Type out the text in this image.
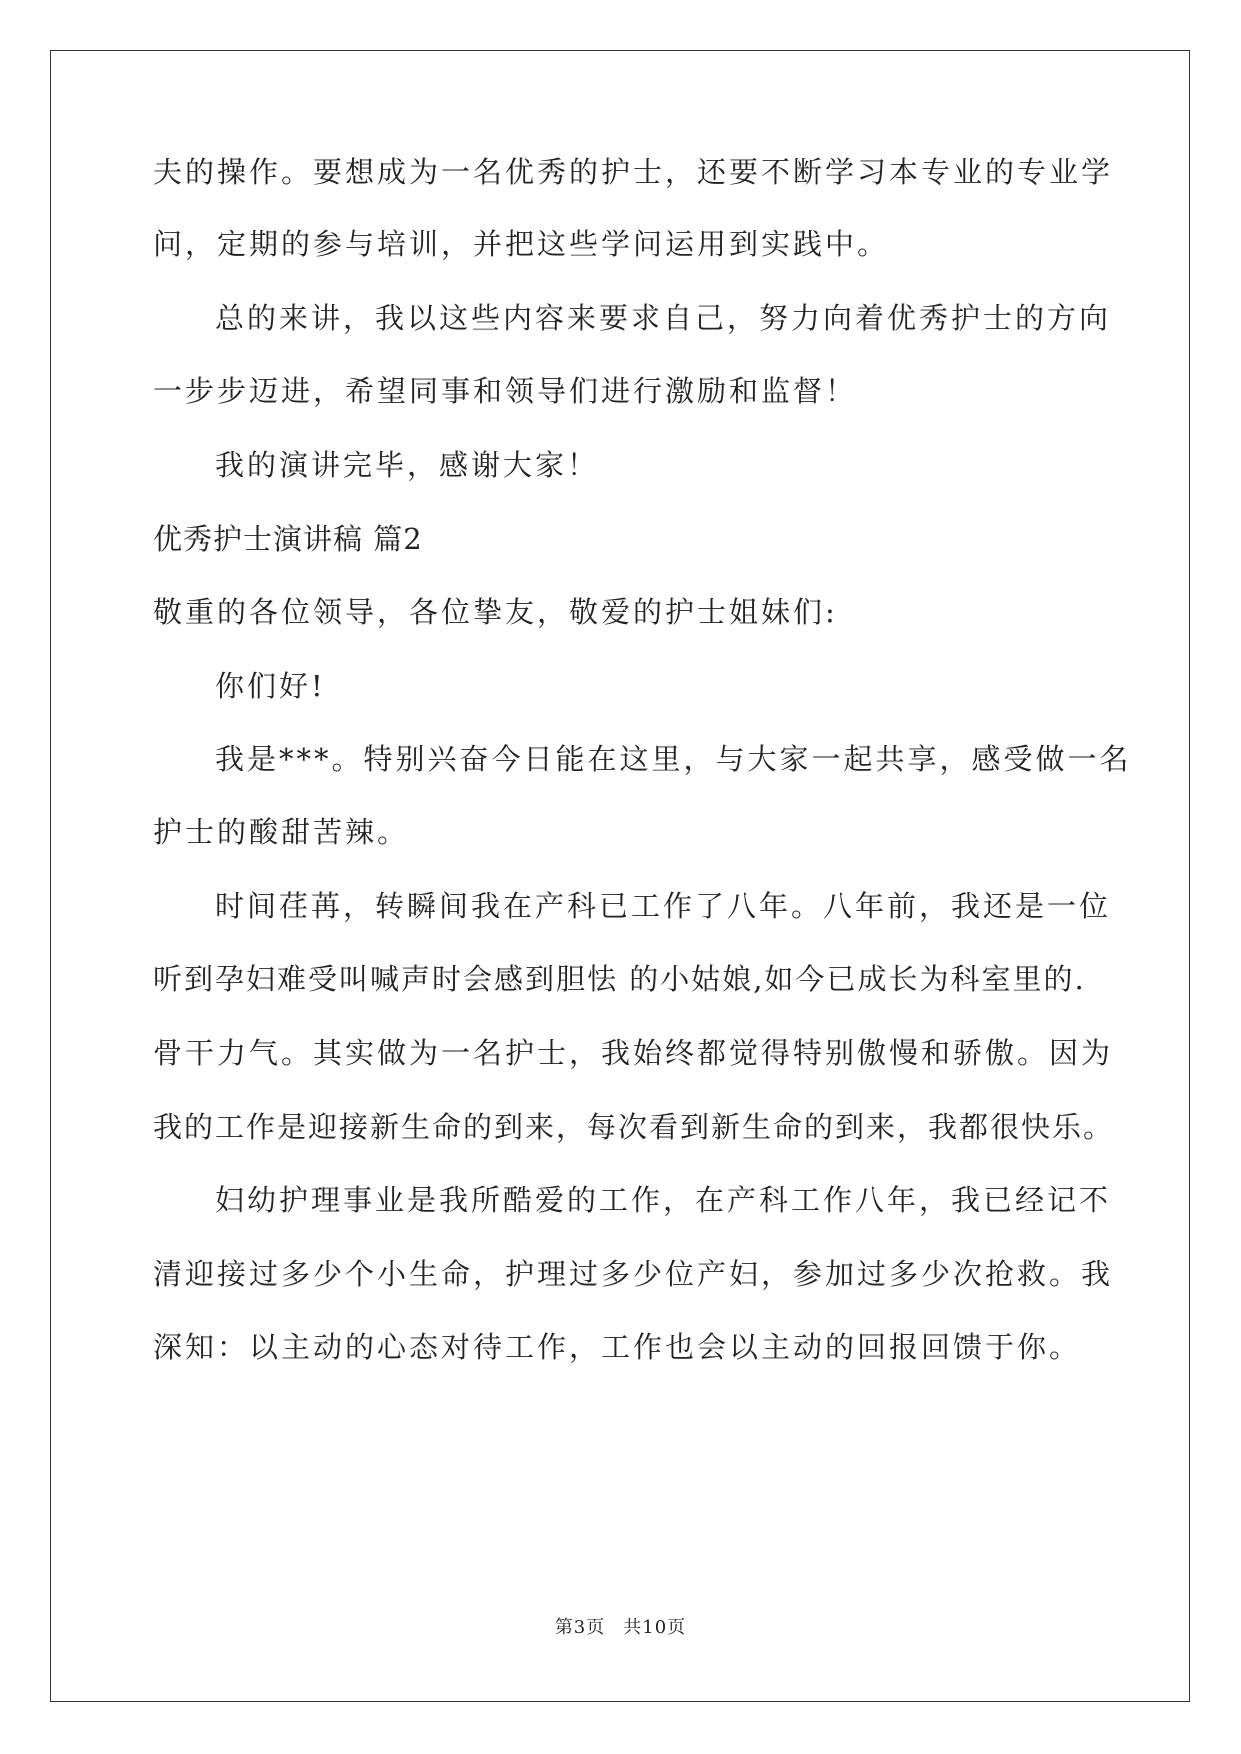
夫的操作。要想成为一名优秀的护士，还要不断学习本专业的专业学
问，定期的参与培训，并把这些学问运用到实践中。
总的来讲，我以这些内容来要求自己，努力向着优秀护士的方向
一步步迈进，希望同事和领导们进行激励和监督！
我的演讲完毕，感谢大家！
优秀护士演讲稿 篇2
敬重的各位领导，各位挚友，敬爱的护士姐妹们:
你们好!
我是***。特别兴奋今日能在这里，与大家一起共享，感受做一名
护士的酸甜苦辣。
时间荏苒，转瞬间我在产科已工作了八年。八年前，我还是一位
听到孕妇难受叫喊声时会感到胆怯 的小姑娘,如今已成长为科室里的.
骨干力气。其实做为一名护士，我始终都觉得特别傲慢和骄傲。因为
我的工作是迎接新生命的到来，每次看到新生命的到来，我都很快乐。
妇幼护理事业是我所酷爱的工作，在产科工作八年，我已经记不
清迎接过多少个小生命，护理过多少位产妇，参加过多少次抢救。我
深知：以主动的心态对待工作，工作也会以主动的回报回馈于你。
第3页 共10页
